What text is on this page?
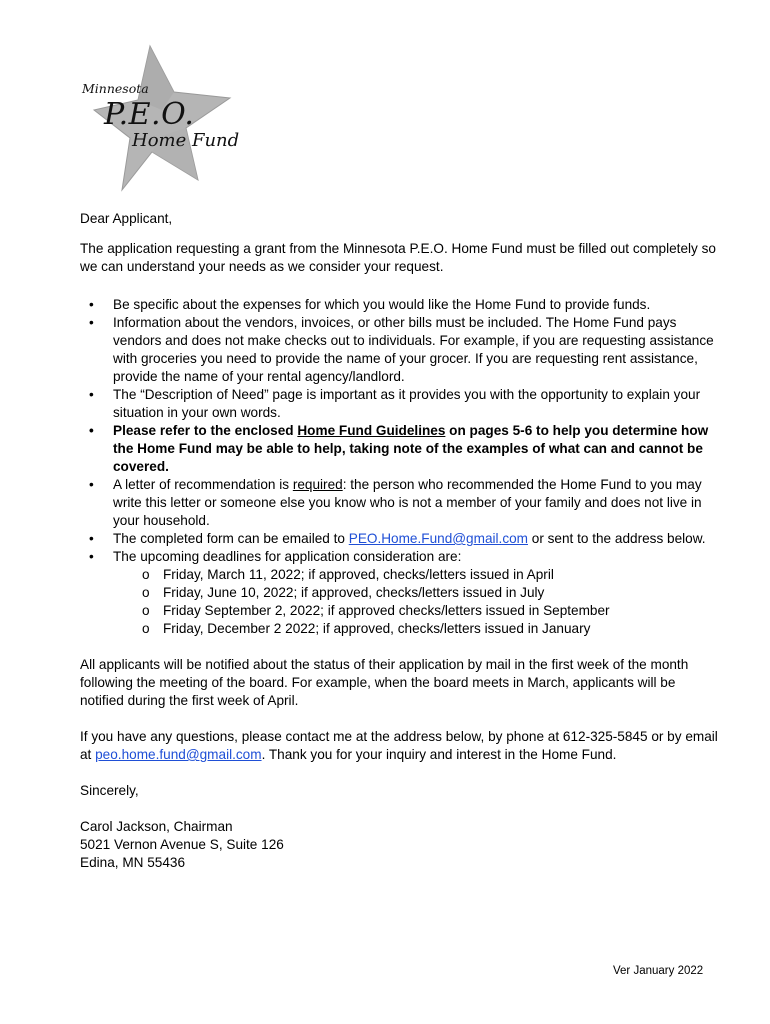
Minnesota
P.E.O.
Home Fund

Dear Applicant,

The application requesting a grant from the Minnesota P.E.O. Home Fund must be filled out completely so we can understand your needs as we consider your request.

• Be specific about the expenses for which you would like the Home Fund to provide funds.
• Information about the vendors, invoices, or other bills must be included. The Home Fund pays vendors and does not make checks out to individuals. For example, if you are requesting assistance with groceries you need to provide the name of your grocer. If you are requesting rent assistance, provide the name of your rental agency/landlord.
• The “Description of Need” page is important as it provides you with the opportunity to explain your situation in your own words.
• Please refer to the enclosed Home Fund Guidelines on pages 5-6 to help you determine how the Home Fund may be able to help, taking note of the examples of what can and cannot be covered.
• A letter of recommendation is required: the person who recommended the Home Fund to you may write this letter or someone else you know who is not a member of your family and does not live in your household.
• The completed form can be emailed to PEO.Home.Fund@gmail.com or sent to the address below.
• The upcoming deadlines for application consideration are:
o Friday, March 11, 2022; if approved, checks/letters issued in April
o Friday, June 10, 2022; if approved, checks/letters issued in July
o Friday September 2, 2022; if approved checks/letters issued in September
o Friday, December 2 2022; if approved, checks/letters issued in January

All applicants will be notified about the status of their application by mail in the first week of the month following the meeting of the board. For example, when the board meets in March, applicants will be notified during the first week of April.

If you have any questions, please contact me at the address below, by phone at 612-325-5845 or by email at peo.home.fund@gmail.com. Thank you for your inquiry and interest in the Home Fund.

Sincerely,

Carol Jackson, Chairman

5021 Vernon Avenue S, Suite 126

Edina, MN 55436

Ver January 2022
